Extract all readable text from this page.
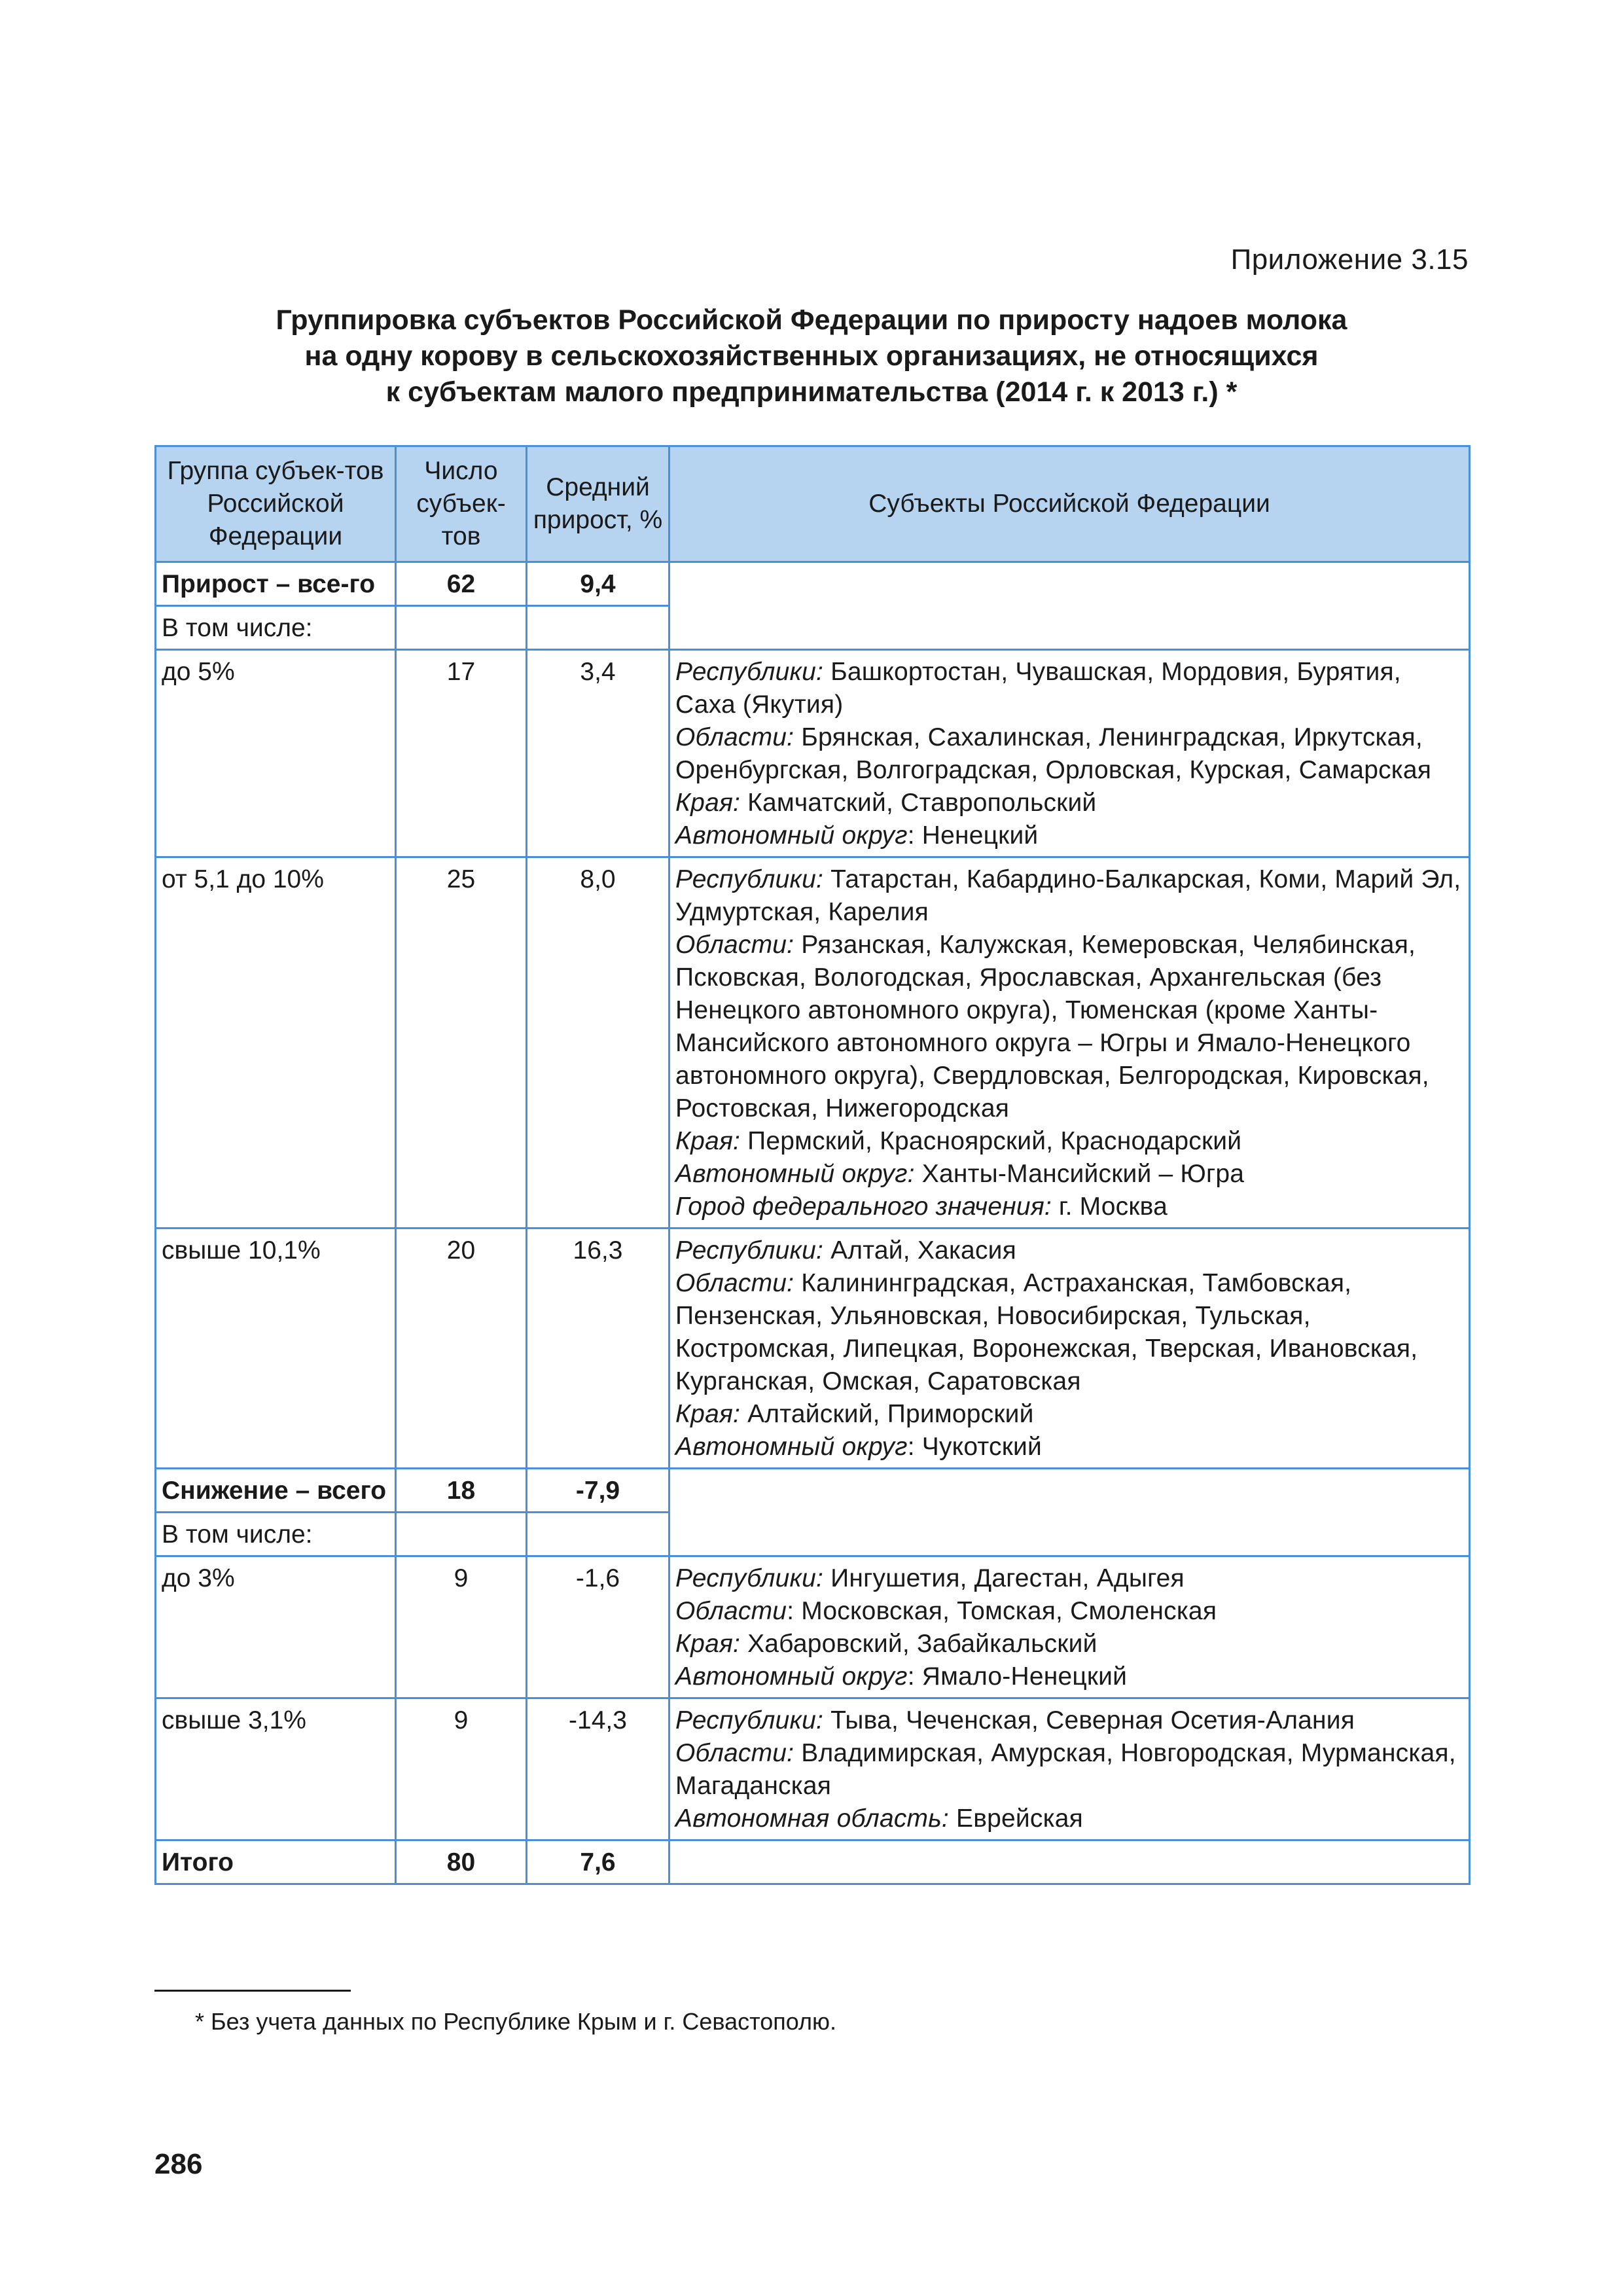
Приложение 3.15
Группировка субъектов Российской Федерации по приросту надоев молока
на одну корову в сельскохозяйственных организациях, не относящихся
к субъектам малого предпринимательства (2014 г. к 2013 г.) *
Группа субъек-тов Российской Федерации	Число субъек-тов	Средний прирост, %	Субъекты Российской Федерации
Прирост – все-го	62	9,4	
В том числе:			
до 5%	17	3,4	Республики: Башкортостан, Чувашская, Мордовия, Бурятия, Саха (Якутия)
Области: Брянская, Сахалинская, Ленинградская, Иркутская, Оренбургская, Волгоградская, Орловская, Курская, Самарская
Края: Камчатский, Ставропольский
Автономный округ: Ненецкий

от 5,1 до 10%	25	8,0	Республики: Татарстан, Кабардино-Балкарская, Коми, Марий Эл, Удмуртская, Карелия
Области: Рязанская, Калужская, Кемеровская, Челябинская, Псковская, Вологодская, Ярославская, Архангельская (без Ненецкого автономного округа), Тюменская (кроме Ханты-Мансийского автономного округа – Югры и Ямало-Ненецкого автономного округа), Свердловская, Белгородская, Кировская, Ростовская, Нижегородская
Края: Пермский, Красноярский, Краснодарский
Автономный округ: Ханты-Мансийский – Югра
Город федерального значения: г. Москва

свыше 10,1%	20	16,3	Республики: Алтай, Хакасия
Области: Калининградская, Астраханская, Тамбовская, Пензенская, Ульяновская, Новосибирская, Тульская, Костромская, Липецкая, Воронежская, Тверская, Ивановская, Курганская, Омская, Саратовская
Края: Алтайский, Приморский
Автономный округ: Чукотский

Снижение – всего	18	-7,9	
В том числе:			
до 3%	9	-1,6	Республики: Ингушетия, Дагестан, Адыгея
Области: Московская, Томская, Смоленская
Края: Хабаровский, Забайкальский
Автономный округ: Ямало-Ненецкий

свыше 3,1%	9	-14,3	Республики: Тыва, Чеченская, Северная Осетия-Алания
Области: Владимирская, Амурская, Новгородская, Мурманская, Магаданская
Автономная область: Еврейская

Итого	80	7,6	
* Без учета данных по Республике Крым и г. Севастополю.
286
